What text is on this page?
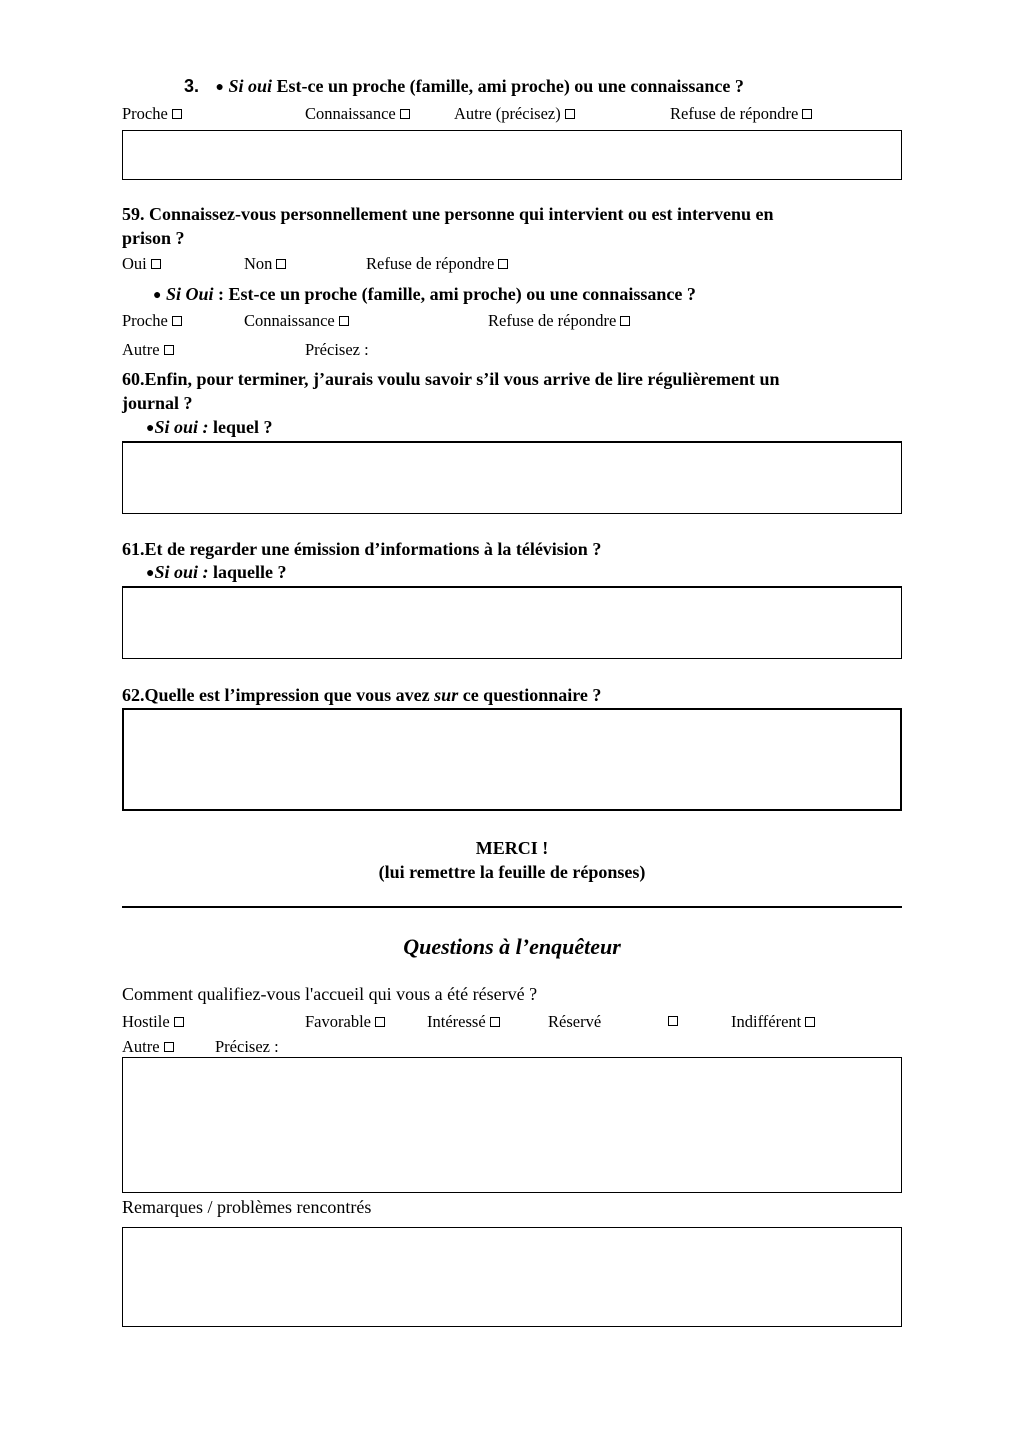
3. ● Si oui Est-ce un proche (famille, ami proche) ou une connaissance ?
Proche	Connaissance	Autre (précisez)	Refuse de répondre
59. Connaissez-vous personnellement une personne qui intervient ou est intervenu en
prison ?
Oui	Non	Refuse de répondre
● Si Oui : Est-ce un proche (famille, ami proche) ou une connaissance ?
Proche	Connaissance	Refuse de répondre
Autre	Précisez :
60.Enfin, pour terminer, j’aurais voulu savoir s’il vous arrive de lire régulièrement un
journal ?
●Si oui : lequel ?
61.Et de regarder une émission d’informations à la télévision ?
●Si oui : laquelle ?
62.Quelle est l’impression que vous avez sur ce questionnaire ?
MERCI !
(lui remettre la feuille de réponses)
Questions à l’enquêteur
Comment qualifiez-vous l'accueil qui vous a été réservé ?
Hostile	Favorable	Intéressé	Réservé	Indifférent
Autre	Précisez :
Remarques / problèmes rencontrés
